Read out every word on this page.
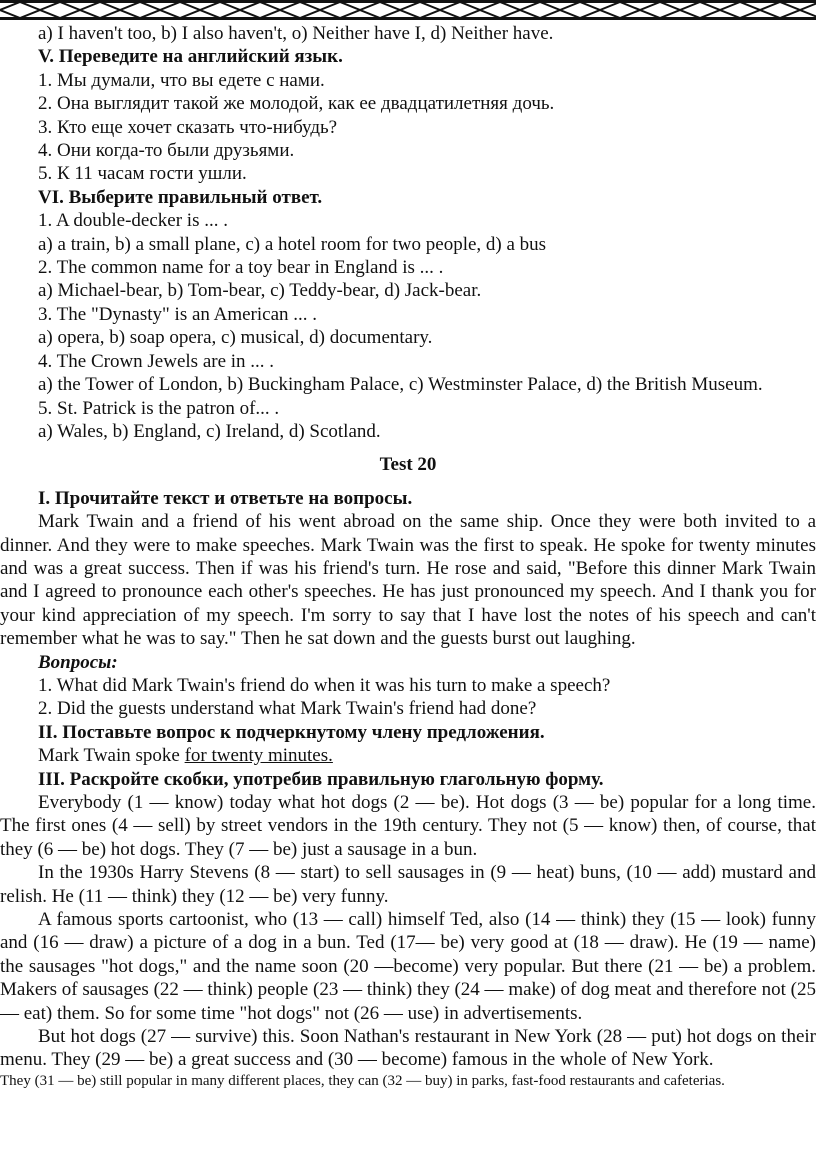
a) I haven't too, b) I also haven't, o) Neither have I, d) Neither have.
V. Переведите на английский язык.
1. Мы думали, что вы едете с нами.
2. Она выглядит такой же молодой, как ее двадцатилетняя дочь.
3. Кто еще хочет сказать что-нибудь?
4. Они когда-то были друзьями.
5. К 11 часам гости ушли.
VI. Выберите правильный ответ.
1. A double-decker is ... .
a) a train, b) a small plane, c) a hotel room for two people, d) a bus
2. The common name for a toy bear in England is ... .
a) Michael-bear, b) Tom-bear, c) Teddy-bear, d) Jack-bear.
3. The "Dynasty" is an American ... .
a) opera, b) soap opera, c) musical, d) documentary.
4. The Crown Jewels are in ... .
a) the Tower of London, b) Buckingham Palace, c) Westminster Palace, d) the British Museum.
5. St. Patrick is the patron of... .
a) Wales, b) England, c) Ireland, d) Scotland.
Test 20
I. Прочитайте текст и ответьте на вопросы.

Mark Twain and a friend of his went abroad on the same ship. Once they were both invited to a dinner. And they were to make speeches. Mark Twain was the first to speak. He spoke for twenty minutes and was a great success. Then if was his friend's turn. He rose and said, "Before this dinner Mark Twain and I agreed to pronounce each other's speeches. He has just pronounced my speech. And I thank you for your kind appreciation of my speech. I'm sorry to say that I have lost the notes of his speech and can't remember what he was to say." Then he sat down and the guests burst out laughing.

Вопросы:
1. What did Mark Twain's friend do when it was his turn to make a speech?
2. Did the guests understand what Mark Twain's friend had done?
II. Поставьте вопрос к подчеркнутому члену предложения.
Mark Twain spoke for twenty minutes.
III. Раскройте скобки, употребив правильную глагольную форму.

Everybody (1 — know) today what hot dogs (2 — be). Hot dogs (3 — be) popular for a long time. The first ones (4 — sell) by street vendors in the 19th century. They not (5 — know) then, of course, that they (6 — be) hot dogs. They (7 — be) just a sausage in a bun.

In the 1930s Harry Stevens (8 — start) to sell sausages in (9 — heat) buns, (10 — add) mustard and relish. He (11 — think) they (12 — be) very funny.

A famous sports cartoonist, who (13 — call) himself Ted, also (14 — think) they (15 — look) funny and (16 — draw) a picture of a dog in a bun. Ted (17— be) very good at (18 — draw). He (19 — name) the sausages "hot dogs," and the name soon (20 —become) very popular. But there (21 — be) a problem. Makers of sausages (22 — think) people (23 — think) they (24 — make) of dog meat and therefore not (25 — eat) them. So for some time "hot dogs" not (26 — use) in advertisements.

But hot dogs (27 — survive) this. Soon Nathan's restaurant in New York (28 — put) hot dogs on their menu. They (29 — be) a great success and (30 — become) famous in the whole of New York.

They (31 — be) still popular in many different places, they can (32 — buy) in parks, fast-food restaurants and cafeterias.
